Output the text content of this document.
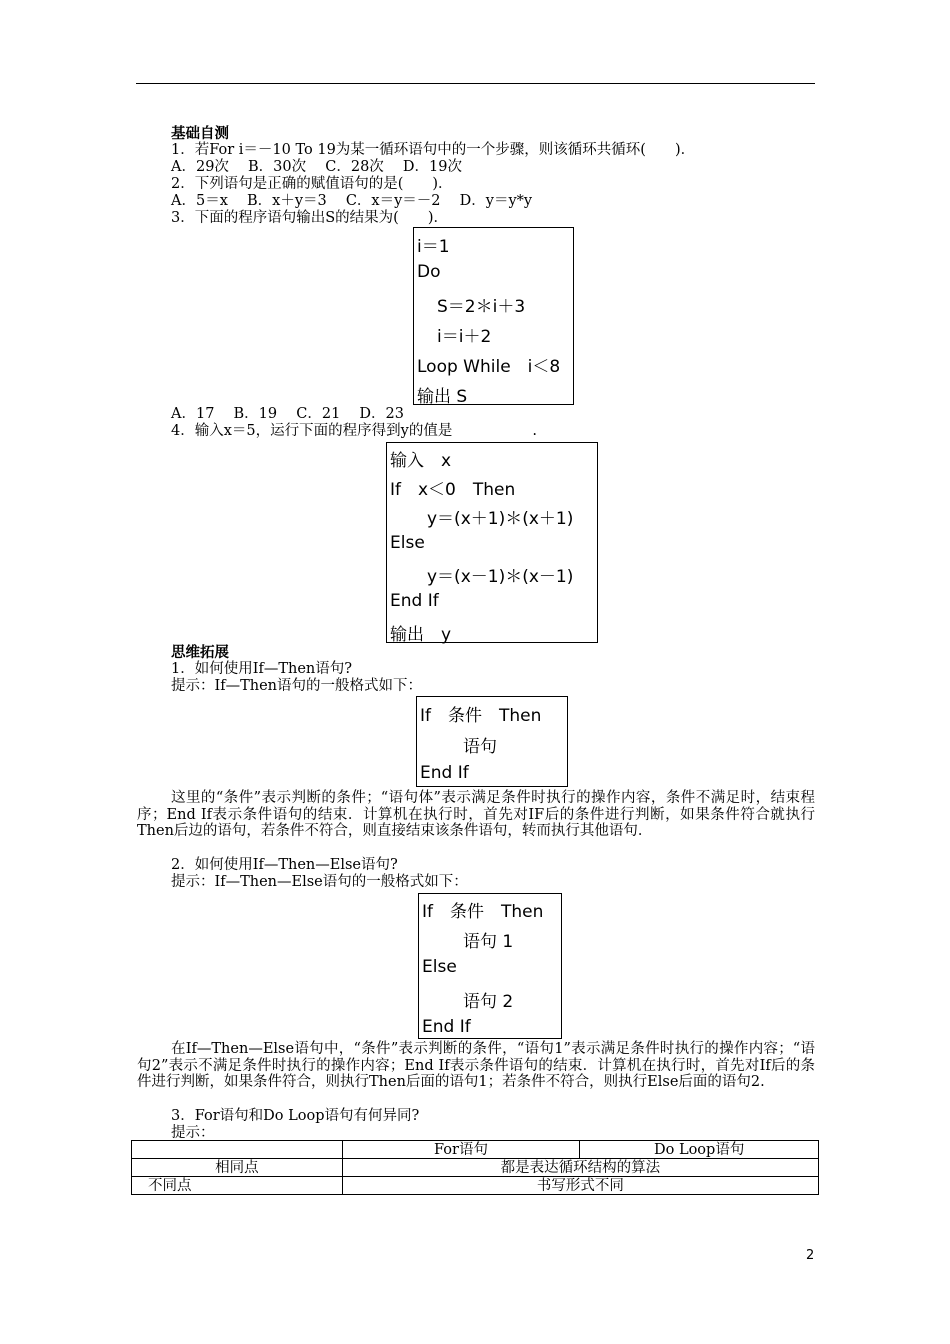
基础自测
1．若For i＝－10 To 19为某一循环语句中的一个步骤，则该循环共循环(　　)．
A．29次　 B．30次　 C．28次　 D．19次
2．下列语句是正确的赋值语句的是(　　)．
A．5＝x　 B．x＋y＝3　 C．x＝y＝－2　 D．y＝y*y
3．下面的程序语句输出S的结果为(　　)．
i＝1
Do
S＝2＊i＋3
i＝i＋2
Loop While　i＜8
输出 S
A．17　 B．19　 C．21　 D．23
4．输入x＝5，运行下面的程序得到y的值是	.
输入　x
If　x＜0　Then
y＝(x＋1)＊(x＋1)
Else
y＝(x－1)＊(x－1)
End If
输出　y
思维拓展
1．如何使用If—Then语句?
提示：If—Then语句的一般格式如下：
If　条件　Then
语句
End If
这里的“条件”表示判断的条件；“语句体”表示满足条件时执行的操作内容，条件不满足时，结束程序；End If表示条件语句的结束．计算机在执行时，首先对IF后的条件进行判断，如果条件符合就执行Then后边的语句，若条件不符合，则直接结束该条件语句，转而执行其他语句．
2．如何使用If—Then—Else语句?
提示：If—Then—Else语句的一般格式如下：
If　条件　Then
语句 1
Else
语句 2
End If
在If—Then—Else语句中，“条件”表示判断的条件，“语句1”表示满足条件时执行的操作内容；“语句2”表示不满足条件时执行的操作内容；End If表示条件语句的结束．计算机在执行时，首先对If后的条件进行判断，如果条件符合，则执行Then后面的语句1；若条件不符合，则执行Else后面的语句2.
3．For语句和Do Loop语句有何异同?
提示：
	For语句	Do Loop语句
相同点	都是表达循环结构的算法	
不同点	书写形式不同	
2
